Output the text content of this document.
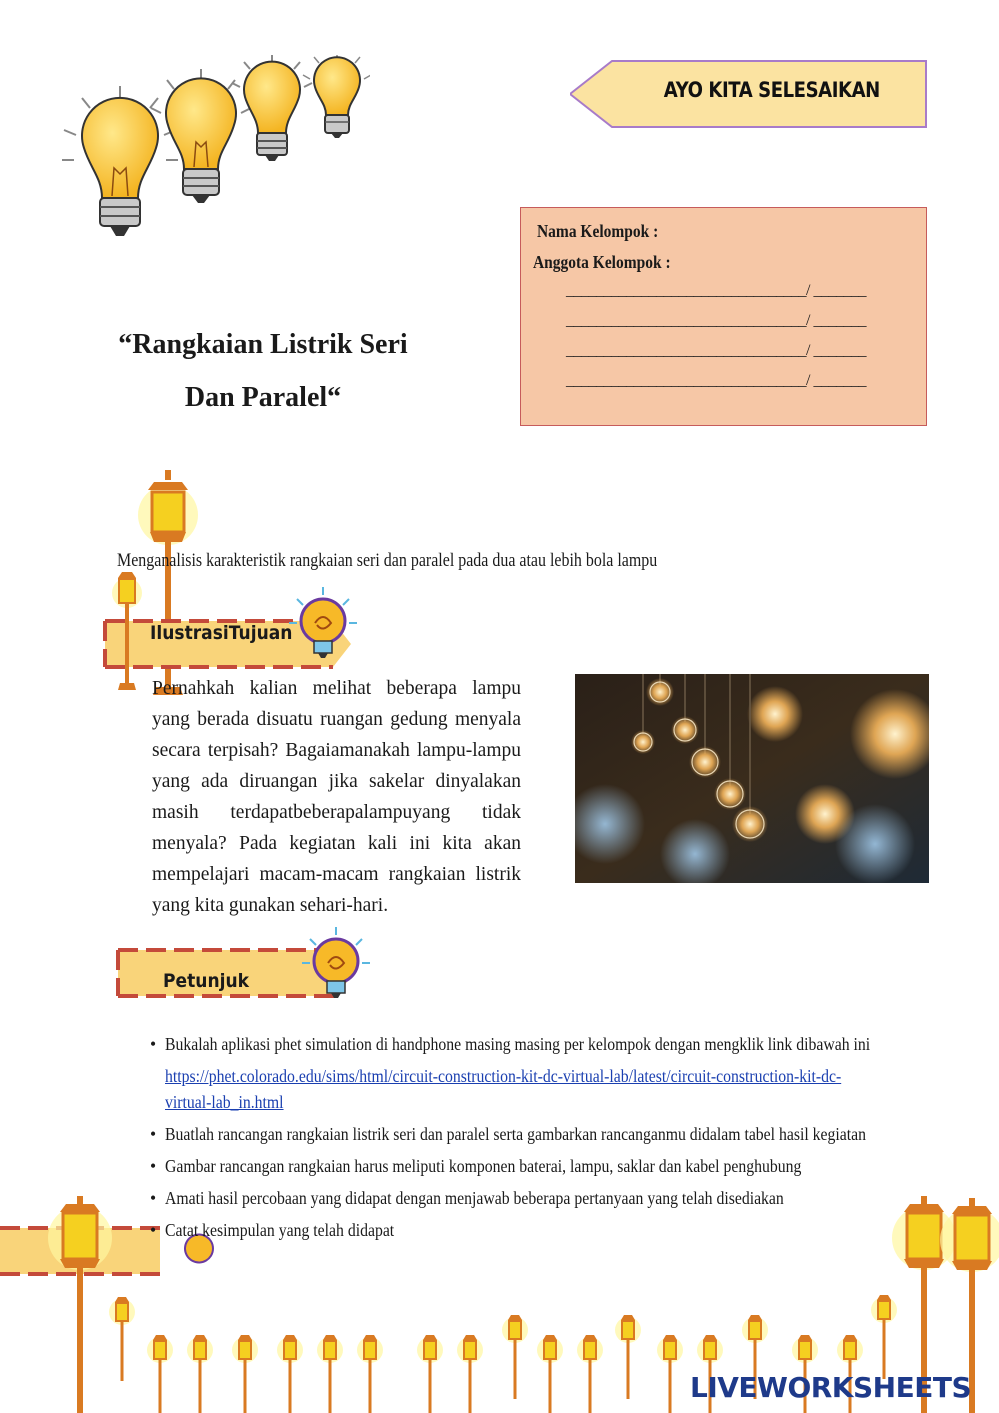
AYO KITA SELESAIKAN
Nama Kelompok :
Anggota Kelompok :
________________________________/ _______
________________________________/ _______
________________________________/ _______
________________________________/ _______
“Rangkaian Listrik Seri
Dan Paralel“
Menganalisis karakteristik rangkaian seri dan paralel pada dua atau lebih bola lampu
IlustrasiTujuan
Pernahkah kalian melihat beberapa lampu yang berada disuatu ruangan gedung menyala secara terpisah? Bagaiamanakah lampu-lampu yang ada diruangan jika sakelar dinyalakan masih terdapatbeberapalampuyang tidak menyala? Pada kegiatan kali ini kita akan mempelajari macam-macam rangkaian listrik yang kita gunakan sehari-hari.
Petunjuk
• Bukalah aplikasi phet simulation di handphone masing masing per kelompok dengan mengklik link dibawah ini
https://phet.colorado.edu/sims/html/circuit-construction-kit-dc-virtual-lab/latest/circuit-construction-kit-dc-virtual-lab_in.html
• Buatlah rancangan rangkaian listrik seri dan paralel serta gambarkan rancanganmu didalam tabel hasil kegiatan
• Gambar rancangan rangkaian harus meliputi komponen baterai, lampu, saklar dan kabel penghubung
• Amati hasil percobaan yang didapat dengan menjawab beberapa pertanyaan yang telah disediakan
• Catat kesimpulan yang telah didapat
LIVEWORKSHEETS
